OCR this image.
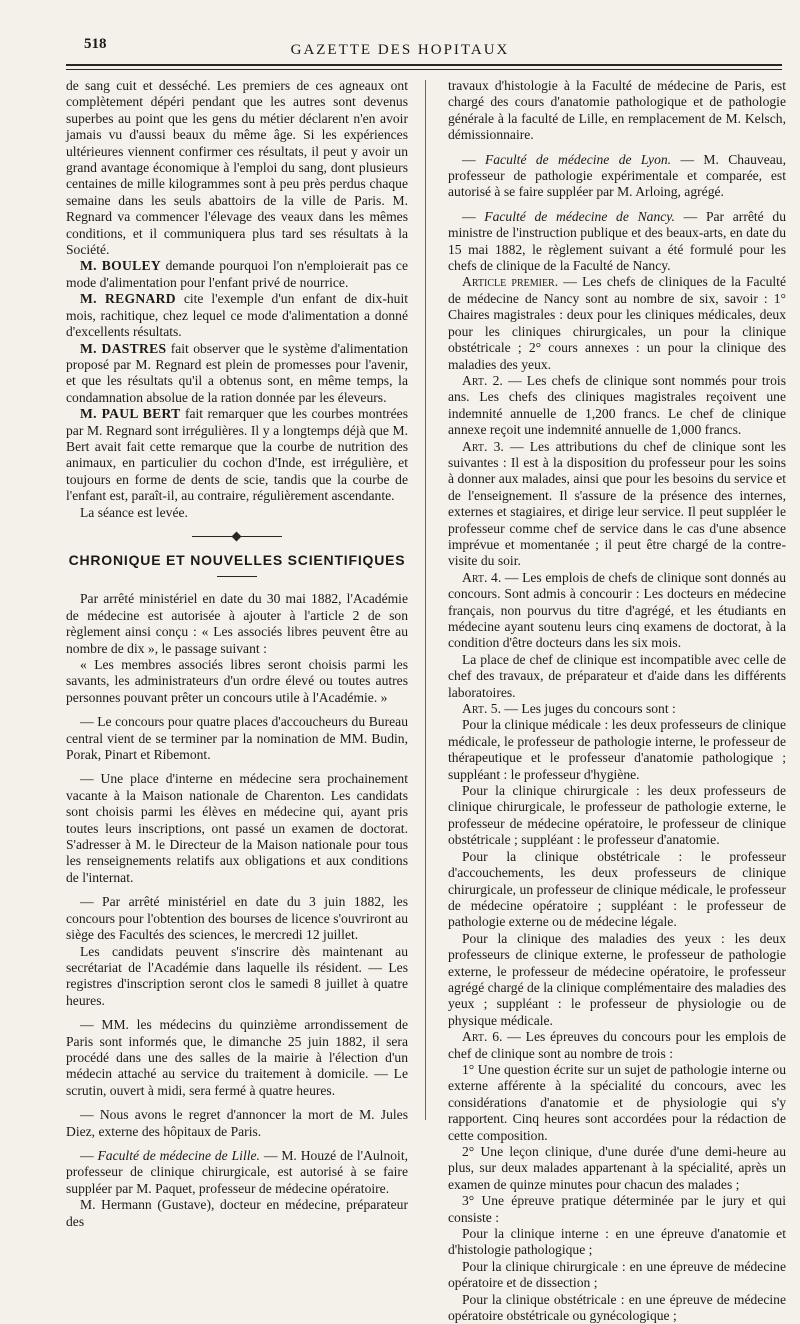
518	GAZETTE DES HOPITAUX

de sang cuit et desséché. Les premiers de ces agneaux ont complètement dépéri pendant que les autres sont devenus superbes au point que les gens du métier déclarent n'en avoir jamais vu d'aussi beaux du même âge. Si les expériences ultérieures viennent confirmer ces résultats, il peut y avoir un grand avantage économique à l'emploi du sang, dont plusieurs centaines de mille kilogrammes sont à peu près perdus chaque semaine dans les seuls abattoirs de la ville de Paris. M. Regnard va commencer l'élevage des veaux dans les mêmes conditions, et il communiquera plus tard ses résultats à la Société.

M. BOULEY demande pourquoi l'on n'emploierait pas ce mode d'alimentation pour l'enfant privé de nourrice.

M. REGNARD cite l'exemple d'un enfant de dix-huit mois, rachitique, chez lequel ce mode d'alimentation a donné d'excellents résultats.

M. DASTRES fait observer que le système d'alimentation proposé par M. Regnard est plein de promesses pour l'avenir, et que les résultats qu'il a obtenus sont, en même temps, la condamnation absolue de la ration donnée par les éleveurs.

M. PAUL BERT fait remarquer que les courbes montrées par M. Regnard sont irrégulières. Il y a longtemps déjà que M. Bert avait fait cette remarque que la courbe de nutrition des animaux, en particulier du cochon d'Inde, est irrégulière, et toujours en forme de dents de scie, tandis que la courbe de l'enfant est, paraît-il, au contraire, régulièrement ascendante.

La séance est levée.

CHRONIQUE ET NOUVELLES SCIENTIFIQUES

Par arrêté ministériel en date du 30 mai 1882, l'Académie de médecine est autorisée à ajouter à l'article 2 de son règlement ainsi conçu : « Les associés libres peuvent être au nombre de dix », le passage suivant :

« Les membres associés libres seront choisis parmi les savants, les administrateurs d'un ordre élevé ou toutes autres personnes pouvant prêter un concours utile à l'Académie. »

— Le concours pour quatre places d'accoucheurs du Bureau central vient de se terminer par la nomination de MM. Budin, Porak, Pinart et Ribemont.

— Une place d'interne en médecine sera prochainement vacante à la Maison nationale de Charenton. Les candidats sont choisis parmi les élèves en médecine qui, ayant pris toutes leurs inscriptions, ont passé un examen de doctorat. S'adresser à M. le Directeur de la Maison nationale pour tous les renseignements relatifs aux obligations et aux conditions de l'internat.

— Par arrêté ministériel en date du 3 juin 1882, les concours pour l'obtention des bourses de licence s'ouvriront au siège des Facultés des sciences, le mercredi 12 juillet.

Les candidats peuvent s'inscrire dès maintenant au secrétariat de l'Académie dans laquelle ils résident. — Les registres d'inscription seront clos le samedi 8 juillet à quatre heures.

— MM. les médecins du quinzième arrondissement de Paris sont informés que, le dimanche 25 juin 1882, il sera procédé dans une des salles de la mairie à l'élection d'un médecin attaché au service du traitement à domicile. — Le scrutin, ouvert à midi, sera fermé à quatre heures.

— Nous avons le regret d'annoncer la mort de M. Jules Diez, externe des hôpitaux de Paris.

— Faculté de médecine de Lille. — M. Houzé de l'Aulnoit, professeur de clinique chirurgicale, est autorisé à se faire suppléer par M. Paquet, professeur de médecine opératoire.

M. Hermann (Gustave), docteur en médecine, préparateur des

travaux d'histologie à la Faculté de médecine de Paris, est chargé des cours d'anatomie pathologique et de pathologie générale à la faculté de Lille, en remplacement de M. Kelsch, démissionnaire.

— Faculté de médecine de Lyon. — M. Chauveau, professeur de pathologie expérimentale et comparée, est autorisé à se faire suppléer par M. Arloing, agrégé.

— Faculté de médecine de Nancy. — Par arrêté du ministre de l'instruction publique et des beaux-arts, en date du 15 mai 1882, le règlement suivant a été formulé pour les chefs de clinique de la Faculté de Nancy.

Article premier. — Les chefs de cliniques de la Faculté de médecine de Nancy sont au nombre de six, savoir : 1° Chaires magistrales : deux pour les cliniques médicales, deux pour les cliniques chirurgicales, un pour la clinique obstétricale ; 2° cours annexes : un pour la clinique des maladies des yeux.

Art. 2. — Les chefs de clinique sont nommés pour trois ans. Les chefs des cliniques magistrales reçoivent une indemnité annuelle de 1,200 francs. Le chef de clinique annexe reçoit une indemnité annuelle de 1,000 francs.

Art. 3. — Les attributions du chef de clinique sont les suivantes : Il est à la disposition du professeur pour les soins à donner aux malades, ainsi que pour les besoins du service et de l'enseignement. Il s'assure de la présence des internes, externes et stagiaires, et dirige leur service. Il peut suppléer le professeur comme chef de service dans le cas d'une absence imprévue et momentanée ; il peut être chargé de la contre-visite du soir.

Art. 4. — Les emplois de chefs de clinique sont donnés au concours. Sont admis à concourir : Les docteurs en médecine français, non pourvus du titre d'agrégé, et les étudiants en médecine ayant soutenu leurs cinq examens de doctorat, à la condition d'être docteurs dans les six mois.

La place de chef de clinique est incompatible avec celle de chef des travaux, de préparateur et d'aide dans les différents laboratoires.

Art. 5. — Les juges du concours sont :

Pour la clinique médicale : les deux professeurs de clinique médicale, le professeur de pathologie interne, le professeur de thérapeutique et le professeur d'anatomie pathologique ; suppléant : le professeur d'hygiène.

Pour la clinique chirurgicale : les deux professeurs de clinique chirurgicale, le professeur de pathologie externe, le professeur de médecine opératoire, le professeur de clinique obstétricale ; suppléant : le professeur d'anatomie.

Pour la clinique obstétricale : le professeur d'accouchements, les deux professeurs de clinique chirurgicale, un professeur de clinique médicale, le professeur de médecine opératoire ; suppléant : le professeur de pathologie externe ou de médecine légale.

Pour la clinique des maladies des yeux : les deux professeurs de clinique externe, le professeur de pathologie externe, le professeur de médecine opératoire, le professeur agrégé chargé de la clinique complémentaire des maladies des yeux ; suppléant : le professeur de physiologie ou de physique médicale.

Art. 6. — Les épreuves du concours pour les emplois de chef de clinique sont au nombre de trois :

1° Une question écrite sur un sujet de pathologie interne ou externe afférente à la spécialité du concours, avec les considérations d'anatomie et de physiologie qui s'y rapportent. Cinq heures sont accordées pour la rédaction de cette composition.

2° Une leçon clinique, d'une durée d'une demi-heure au plus, sur deux malades appartenant à la spécialité, après un examen de quinze minutes pour chacun des malades ;

3° Une épreuve pratique déterminée par le jury et qui consiste :

Pour la clinique interne : en une épreuve d'anatomie et d'histologie pathologique ;

Pour la clinique chirurgicale : en une épreuve de médecine opératoire et de dissection ;

Pour la clinique obstétricale : en une épreuve de médecine opératoire obstétricale ou gynécologique ;
